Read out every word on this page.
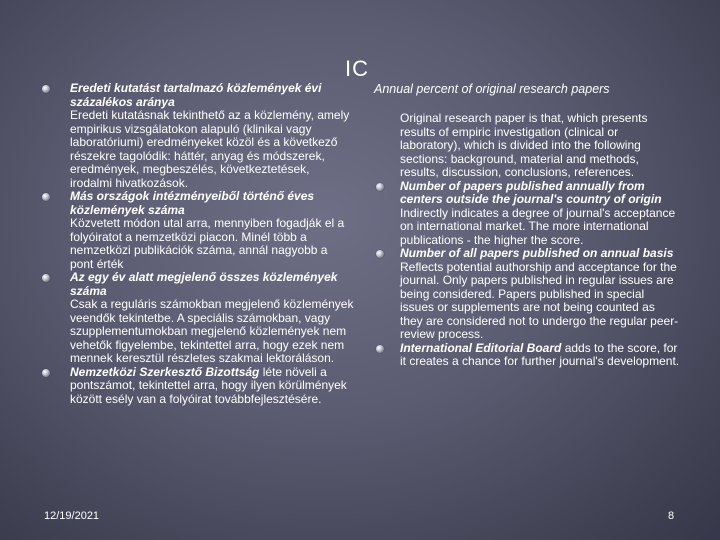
IC

Eredeti kutatást tartalmazó közlemények évi százalékos aránya

Eredeti kutatásnak tekinthető az a közlemény, amely empirikus vizsgálatokon alapuló (klinikai vagy laboratóriumi) eredményeket közöl és a következő részekre tagolódik: háttér, anyag és módszerek, eredmények, megbeszélés, következtetések, irodalmi hivatkozások.

Más országok intézményeiből történő éves közlemények száma

Közvetett módon utal arra, mennyiben fogadják el a folyóiratot a nemzetközi piacon. Minél több a nemzetközi publikációk száma, annál nagyobb a pont érték

Az egy év alatt megjelenő összes közlemények száma

Csak a reguláris számokban megjelenő közlemények veendők tekintetbe. A speciális számokban, vagy szupplementumokban megjelenő közlemények nem vehetők figyelembe, tekintettel arra, hogy ezek nem mennek keresztül részletes szakmai lektoráláson.

Nemzetközi Szerkesztő Bizottság léte növeli a pontszámot, tekintettel arra, hogy ilyen körülmények között esély van a folyóirat továbbfejlesztésére.

Annual percent of original research papers

Original research paper is that, which presents results of empiric investigation (clinical or laboratory), which is divided into the following sections: background, material and methods, results, discussion, conclusions, references.

Number of papers published annually from centers outside the journal's country of origin

Indirectly indicates a degree of journal's acceptance on international market. The more international publications - the higher the score.

Number of all papers published on annual basis

Reflects potential authorship and acceptance for the journal. Only papers published in regular issues are being considered. Papers published in special issues or supplements are not being counted as they are considered not to undergo the regular peer-review process.

International Editorial Board adds to the score, for it creates a chance for further journal's development.

12/19/2021	8
